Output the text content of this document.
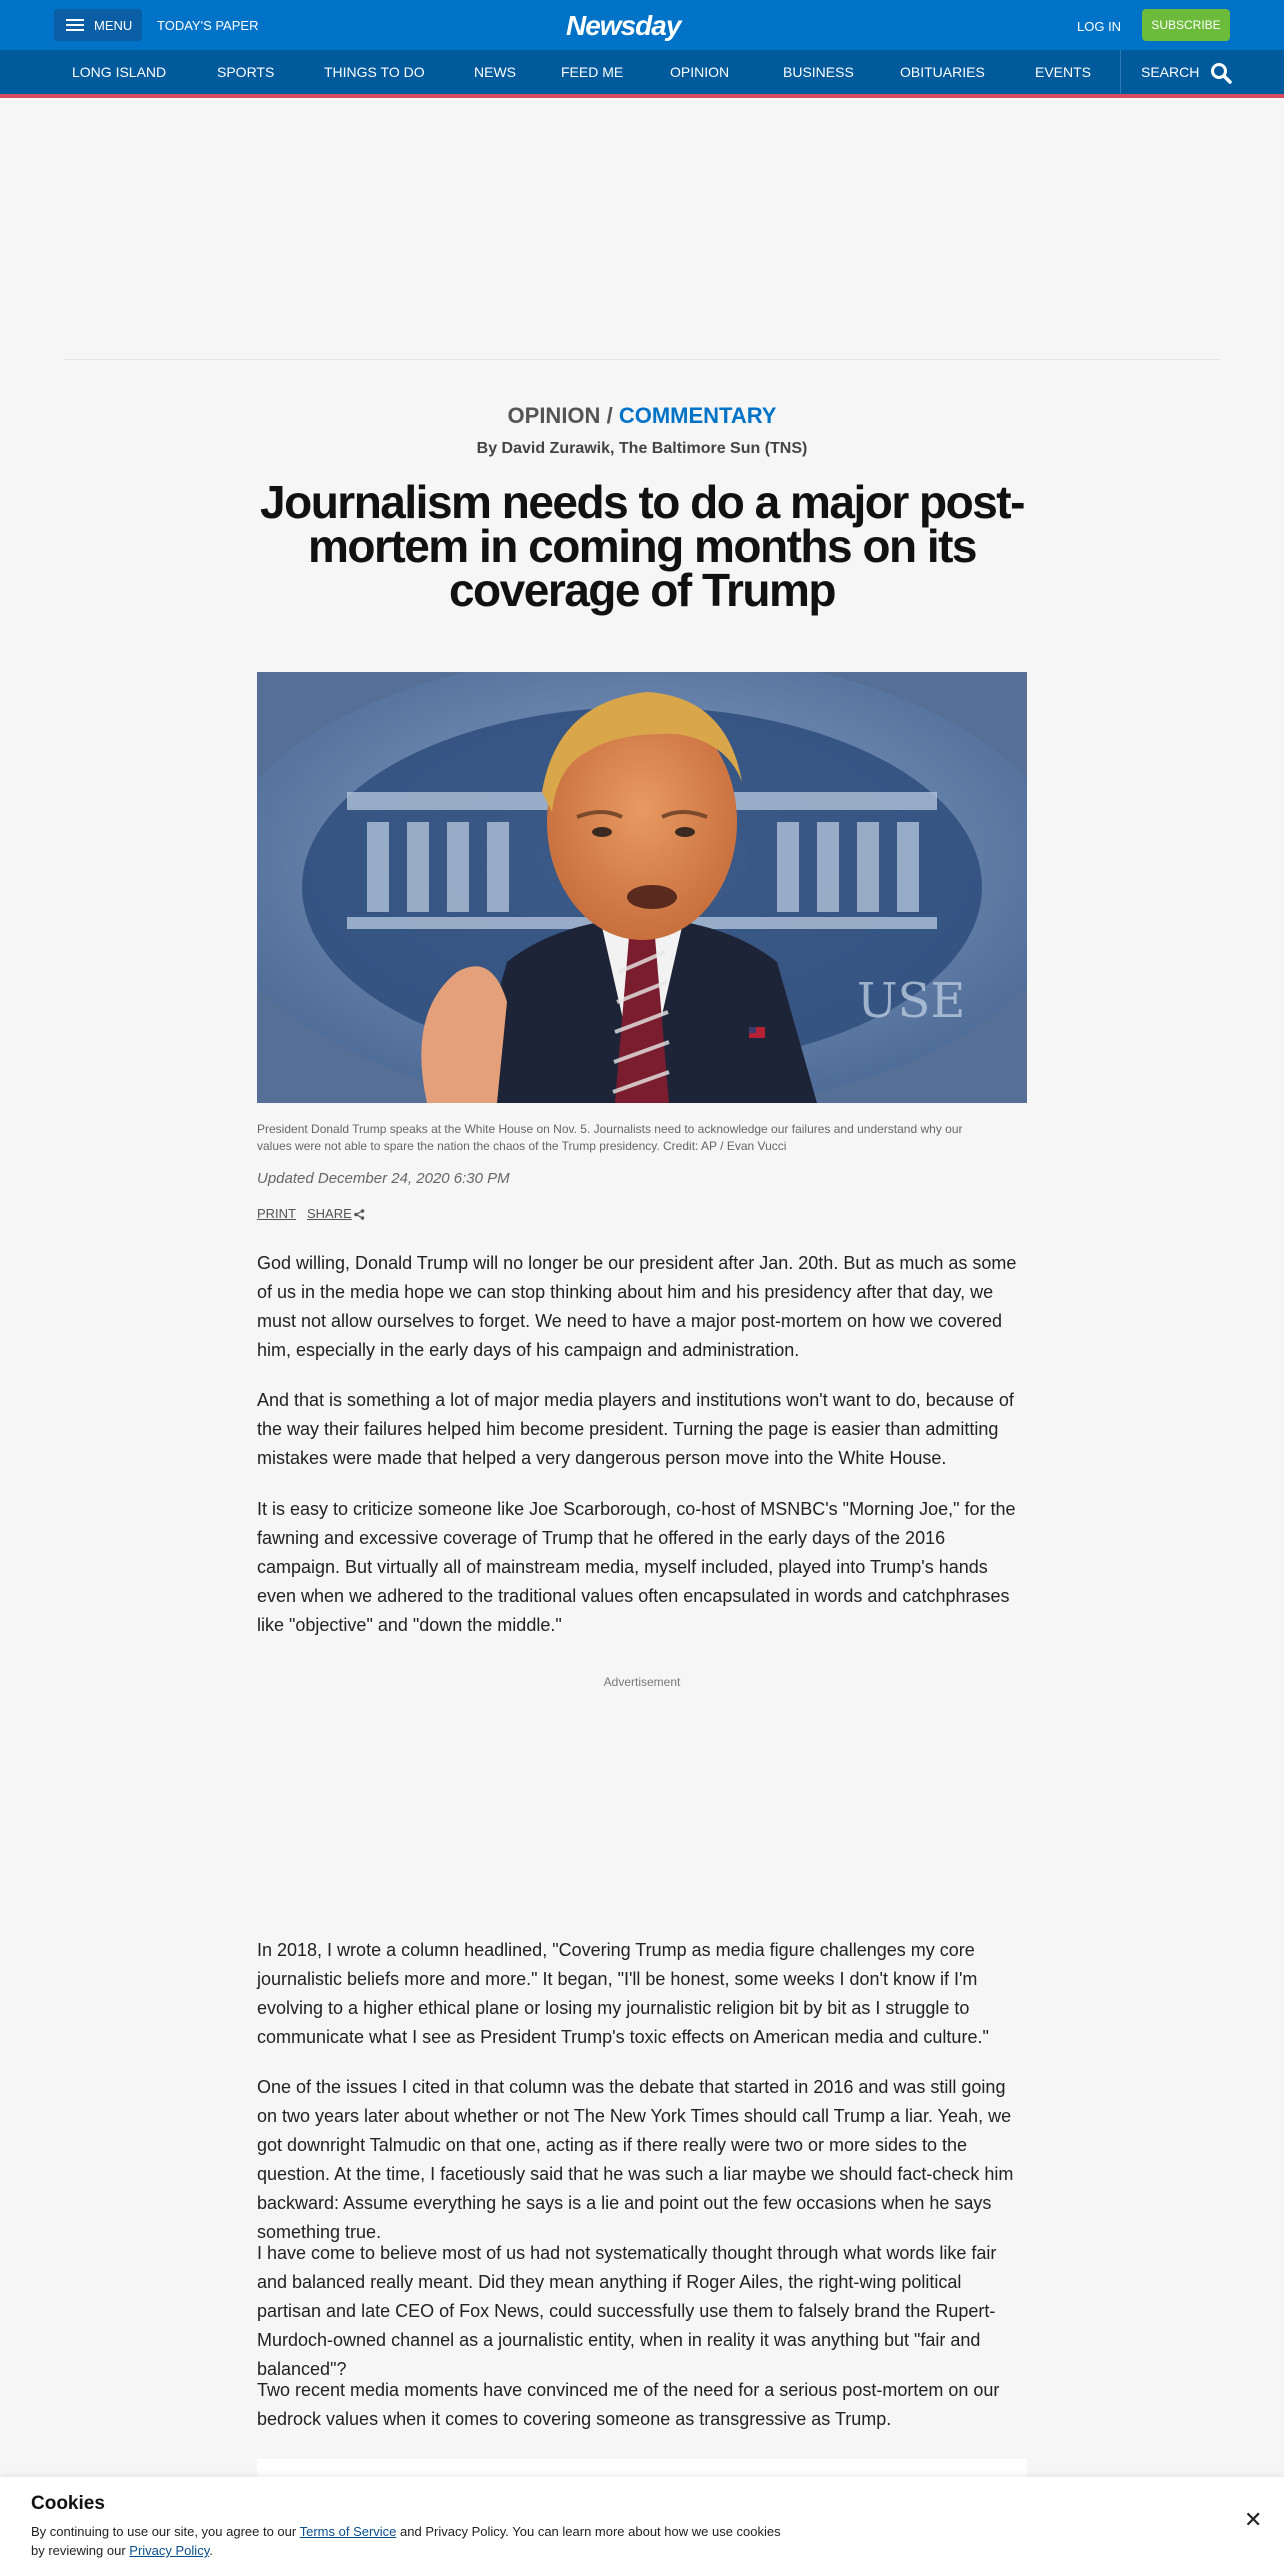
MENU TODAY'S PAPER	Newsday	LOG IN	SUBSCRIBE
LONG ISLAND	SPORTS	THINGS TO DO	NEWS	FEED ME	OPINION	BUSINESS	OBITUARIES	EVENTS	SEARCH
OPINION / COMMENTARY
By David Zurawik, The Baltimore Sun (TNS)
Journalism needs to do a major post-mortem in coming months on its coverage of Trump
USE

President Donald Trump speaks at the White House on Nov. 5. Journalists need to acknowledge our failures and understand why our values were not able to spare the nation the chaos of the Trump presidency. Credit: AP / Evan Vucci

Updated December 24, 2020 6:30 PM
PRINT SHARE

God willing, Donald Trump will no longer be our president after Jan. 20th. But as much as some of us in the media hope we can stop thinking about him and his presidency after that day, we must not allow ourselves to forget. We need to have a major post-mortem on how we covered him, especially in the early days of his campaign and administration.

And that is something a lot of major media players and institutions won't want to do, because of the way their failures helped him become president. Turning the page is easier than admitting mistakes were made that helped a very dangerous person move into the White House.

It is easy to criticize someone like Joe Scarborough, co-host of MSNBC's "Morning Joe," for the fawning and excessive coverage of Trump that he offered in the early days of the 2016 campaign. But virtually all of mainstream media, myself included, played into Trump's hands even when we adhered to the traditional values often encapsulated in words and catchphrases like "objective" and "down the middle."

Advertisement

In 2018, I wrote a column headlined, "Covering Trump as media figure challenges my core journalistic beliefs more and more." It began, "I'll be honest, some weeks I don't know if I'm evolving to a higher ethical plane or losing my journalistic religion bit by bit as I struggle to communicate what I see as President Trump's toxic effects on American media and culture."

One of the issues I cited in that column was the debate that started in 2016 and was still going on two years later about whether or not The New York Times should call Trump a liar. Yeah, we got downright Talmudic on that one, acting as if there really were two or more sides to the question. At the time, I facetiously said that he was such a liar maybe we should fact-check him backward: Assume everything he says is a lie and point out the few occasions when he says something true.

I have come to believe most of us had not systematically thought through what words like fair and balanced really meant. Did they mean anything if Roger Ailes, the right-wing political partisan and late CEO of Fox News, could successfully use them to falsely brand the Rupert-Murdoch-owned channel as a journalistic entity, when in reality it was anything but "fair and balanced"?

Two recent media moments have convinced me of the need for a serious post-mortem on our bedrock values when it comes to covering someone as transgressive as Trump.

Cookies
By continuing to use our site, you agree to our Terms of Service and Privacy Policy. You can learn more about how we use cookies by reviewing our Privacy Policy.
✕
